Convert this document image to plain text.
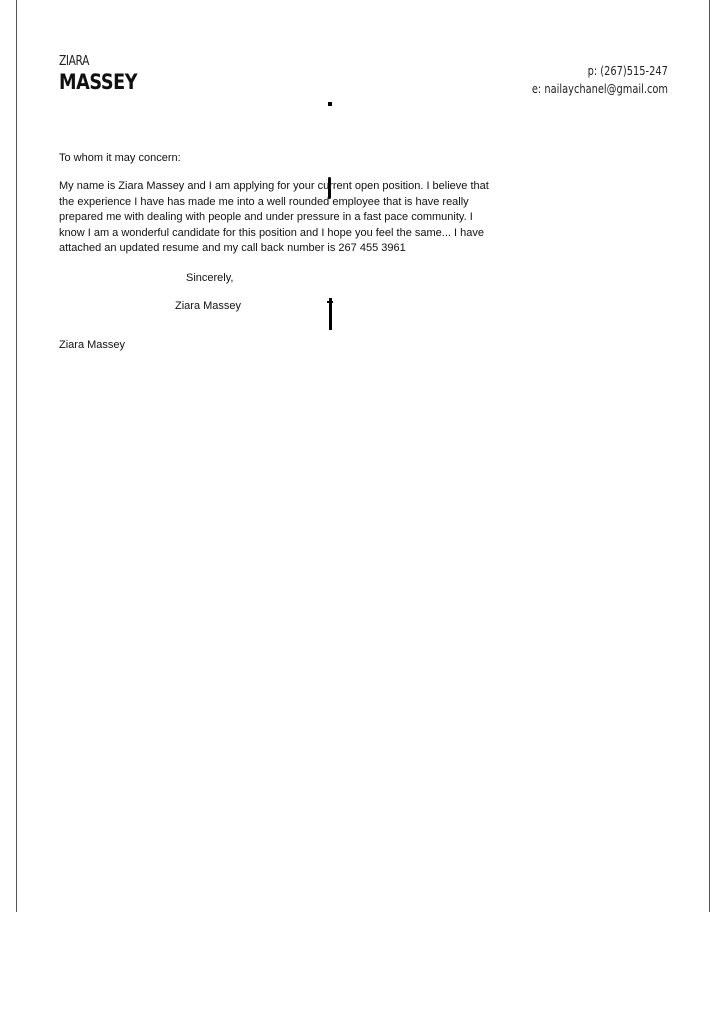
ZIARA
MASSEY	p: (267)515-247
e: nailaychanel@gmail.com
To whom it may concern:
My name is Ziara Massey and I am applying for your current open position. I believe that the experience I have has made me into a well rounded employee that is have really prepared me with dealing with people and under pressure in a fast pace community. I know I am a wonderful candidate for this position and I hope you feel the same... I have attached an updated resume and my call back number is 267 455 3961
Sincerely,
Ziara Massey
Ziara Massey
